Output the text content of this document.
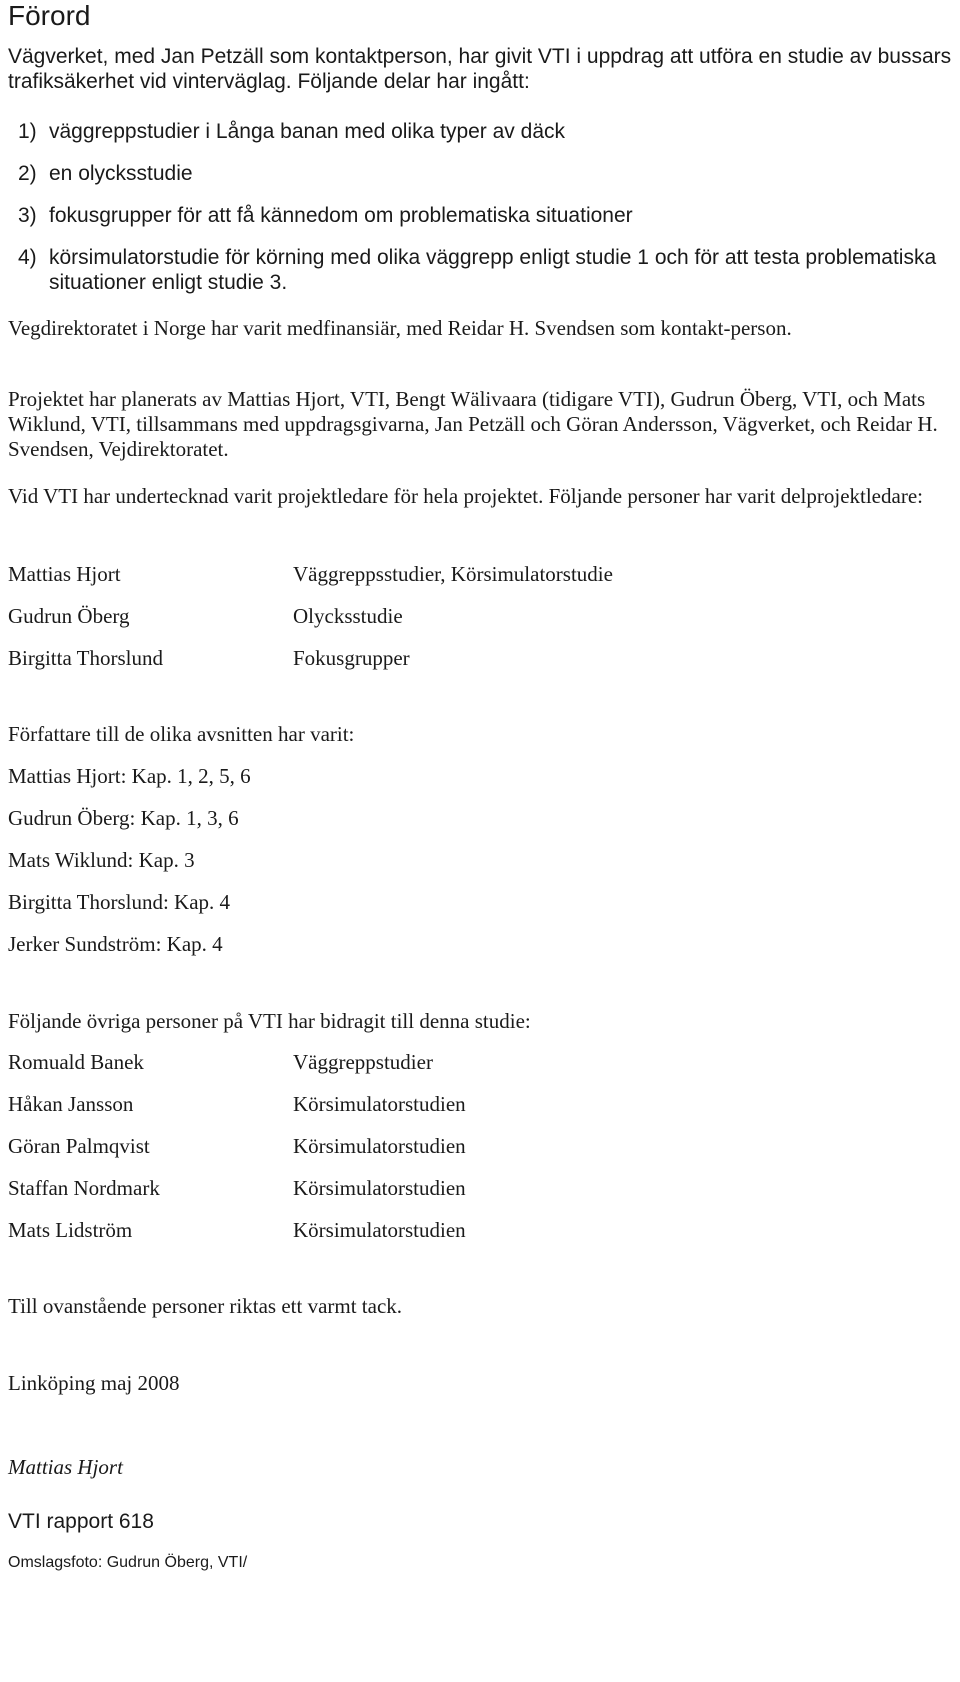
Förord
Vägverket, med Jan Petzäll som kontaktperson, har givit VTI i uppdrag att utföra en studie av bussars trafiksäkerhet vid vinterväglag. Följande delar har ingått:
1) väggreppstudier i Långa banan med olika typer av däck
2) en olycksstudie
3) fokusgrupper för att få kännedom om problematiska situationer
4) körsimulatorstudie för körning med olika väggrepp enligt studie 1 och för att testa problematiska situationer enligt studie 3.
Vegdirektoratet i Norge har varit medfinansiär, med Reidar H. Svendsen som kontakt-person.
Projektet har planerats av Mattias Hjort, VTI, Bengt Wälivaara (tidigare VTI), Gudrun Öberg, VTI, och Mats Wiklund, VTI, tillsammans med uppdragsgivarna, Jan Petzäll och Göran Andersson, Vägverket, och Reidar H. Svendsen, Vejdirektoratet.
Vid VTI har undertecknad varit projektledare för hela projektet. Följande personer har varit delprojektledare:
Mattias Hjort	Väggreppsstudier, Körsimulatorstudie
Gudrun Öberg	Olycksstudie
Birgitta Thorslund	Fokusgrupper
Författare till de olika avsnitten har varit:
Mattias Hjort: Kap. 1, 2, 5, 6
Gudrun Öberg: Kap. 1, 3, 6
Mats Wiklund: Kap. 3
Birgitta Thorslund: Kap. 4
Jerker Sundström: Kap. 4
Följande övriga personer på VTI har bidragit till denna studie:
Romuald Banek	Väggreppstudier
Håkan Jansson	Körsimulatorstudien
Göran Palmqvist	Körsimulatorstudien
Staffan Nordmark	Körsimulatorstudien
Mats Lidström	Körsimulatorstudien
Till ovanstående personer riktas ett varmt tack.
Linköping maj 2008
Mattias Hjort
VTI rapport 618
Omslagsfoto: Gudrun Öberg, VTI/
